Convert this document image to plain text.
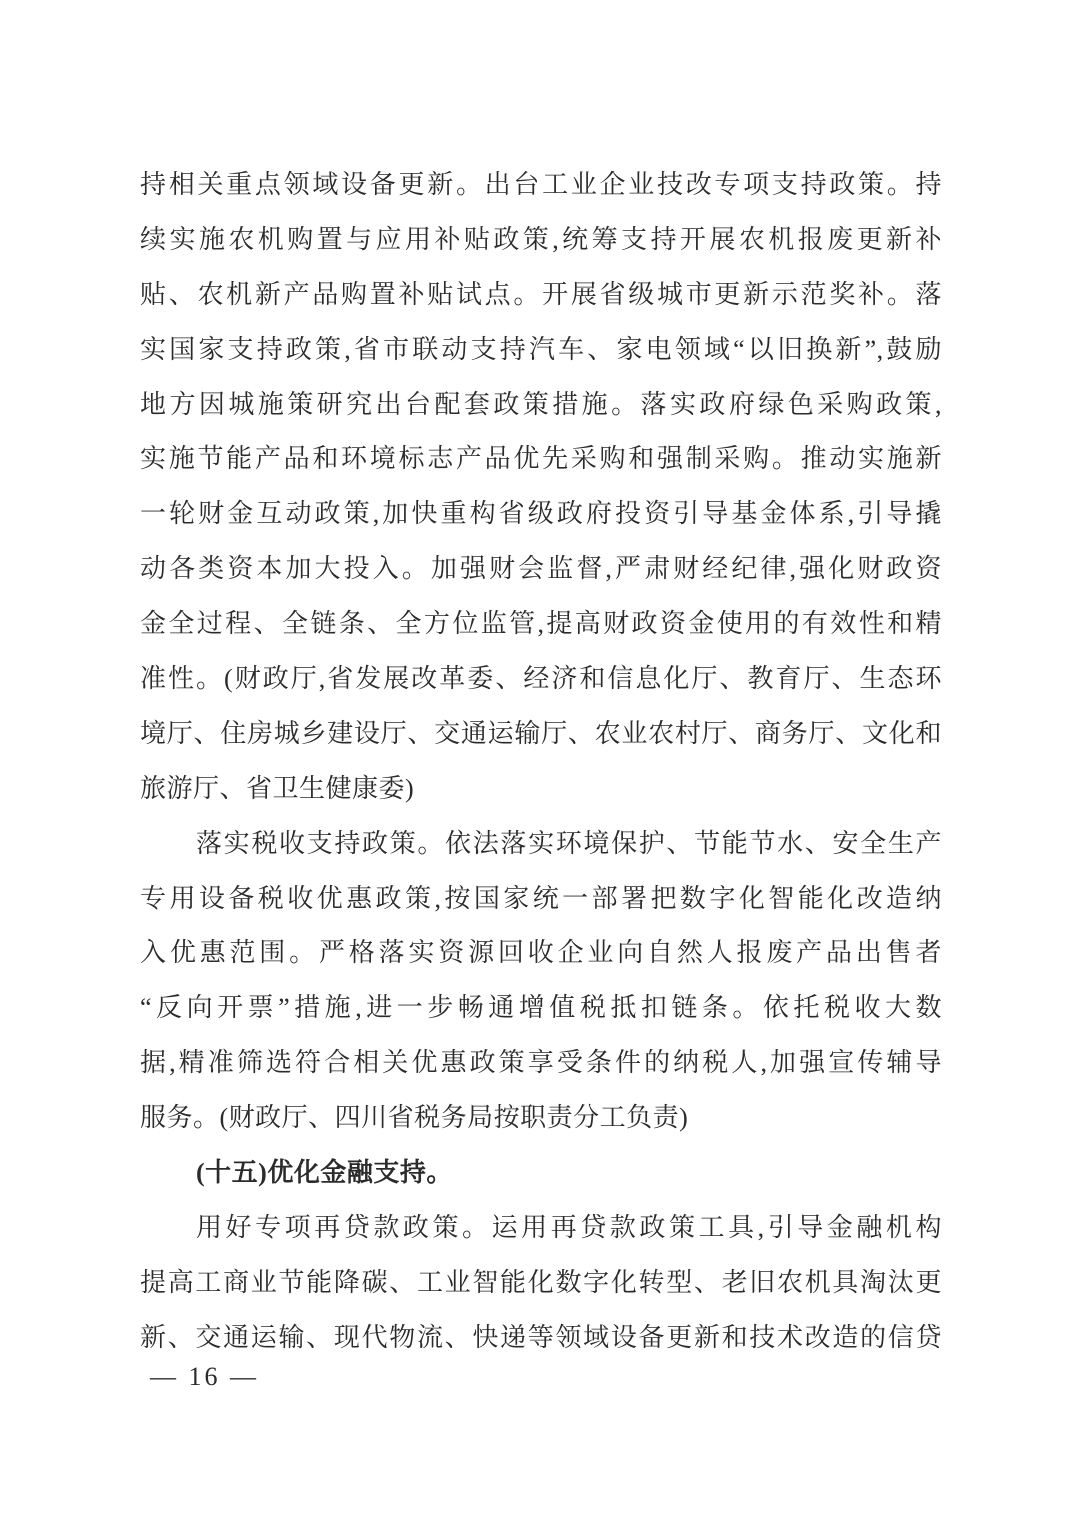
持相关重点领域设备更新。出台工业企业技改专项支持政策。持
续实施农机购置与应用补贴政策,统筹支持开展农机报废更新补
贴、农机新产品购置补贴试点。开展省级城市更新示范奖补。落
实国家支持政策,省市联动支持汽车、家电领域“以旧换新”,鼓励
地方因城施策研究出台配套政策措施。落实政府绿色采购政策,
实施节能产品和环境标志产品优先采购和强制采购。推动实施新
一轮财金互动政策,加快重构省级政府投资引导基金体系,引导撬
动各类资本加大投入。加强财会监督,严肃财经纪律,强化财政资
金全过程、全链条、全方位监管,提高财政资金使用的有效性和精
准性。(财政厅,省发展改革委、经济和信息化厅、教育厅、生态环
境厅、住房城乡建设厅、交通运输厅、农业农村厅、商务厅、文化和
旅游厅、省卫生健康委)
落实税收支持政策。依法落实环境保护、节能节水、安全生产
专用设备税收优惠政策,按国家统一部署把数字化智能化改造纳
入优惠范围。严格落实资源回收企业向自然人报废产品出售者
“反向开票”措施,进一步畅通增值税抵扣链条。依托税收大数
据,精准筛选符合相关优惠政策享受条件的纳税人,加强宣传辅导
服务。(财政厅、四川省税务局按职责分工负责)
(十五)优化金融支持。
用好专项再贷款政策。运用再贷款政策工具,引导金融机构
提高工商业节能降碳、工业智能化数字化转型、老旧农机具淘汰更
新、交通运输、现代物流、快递等领域设备更新和技术改造的信贷
— 16 —
